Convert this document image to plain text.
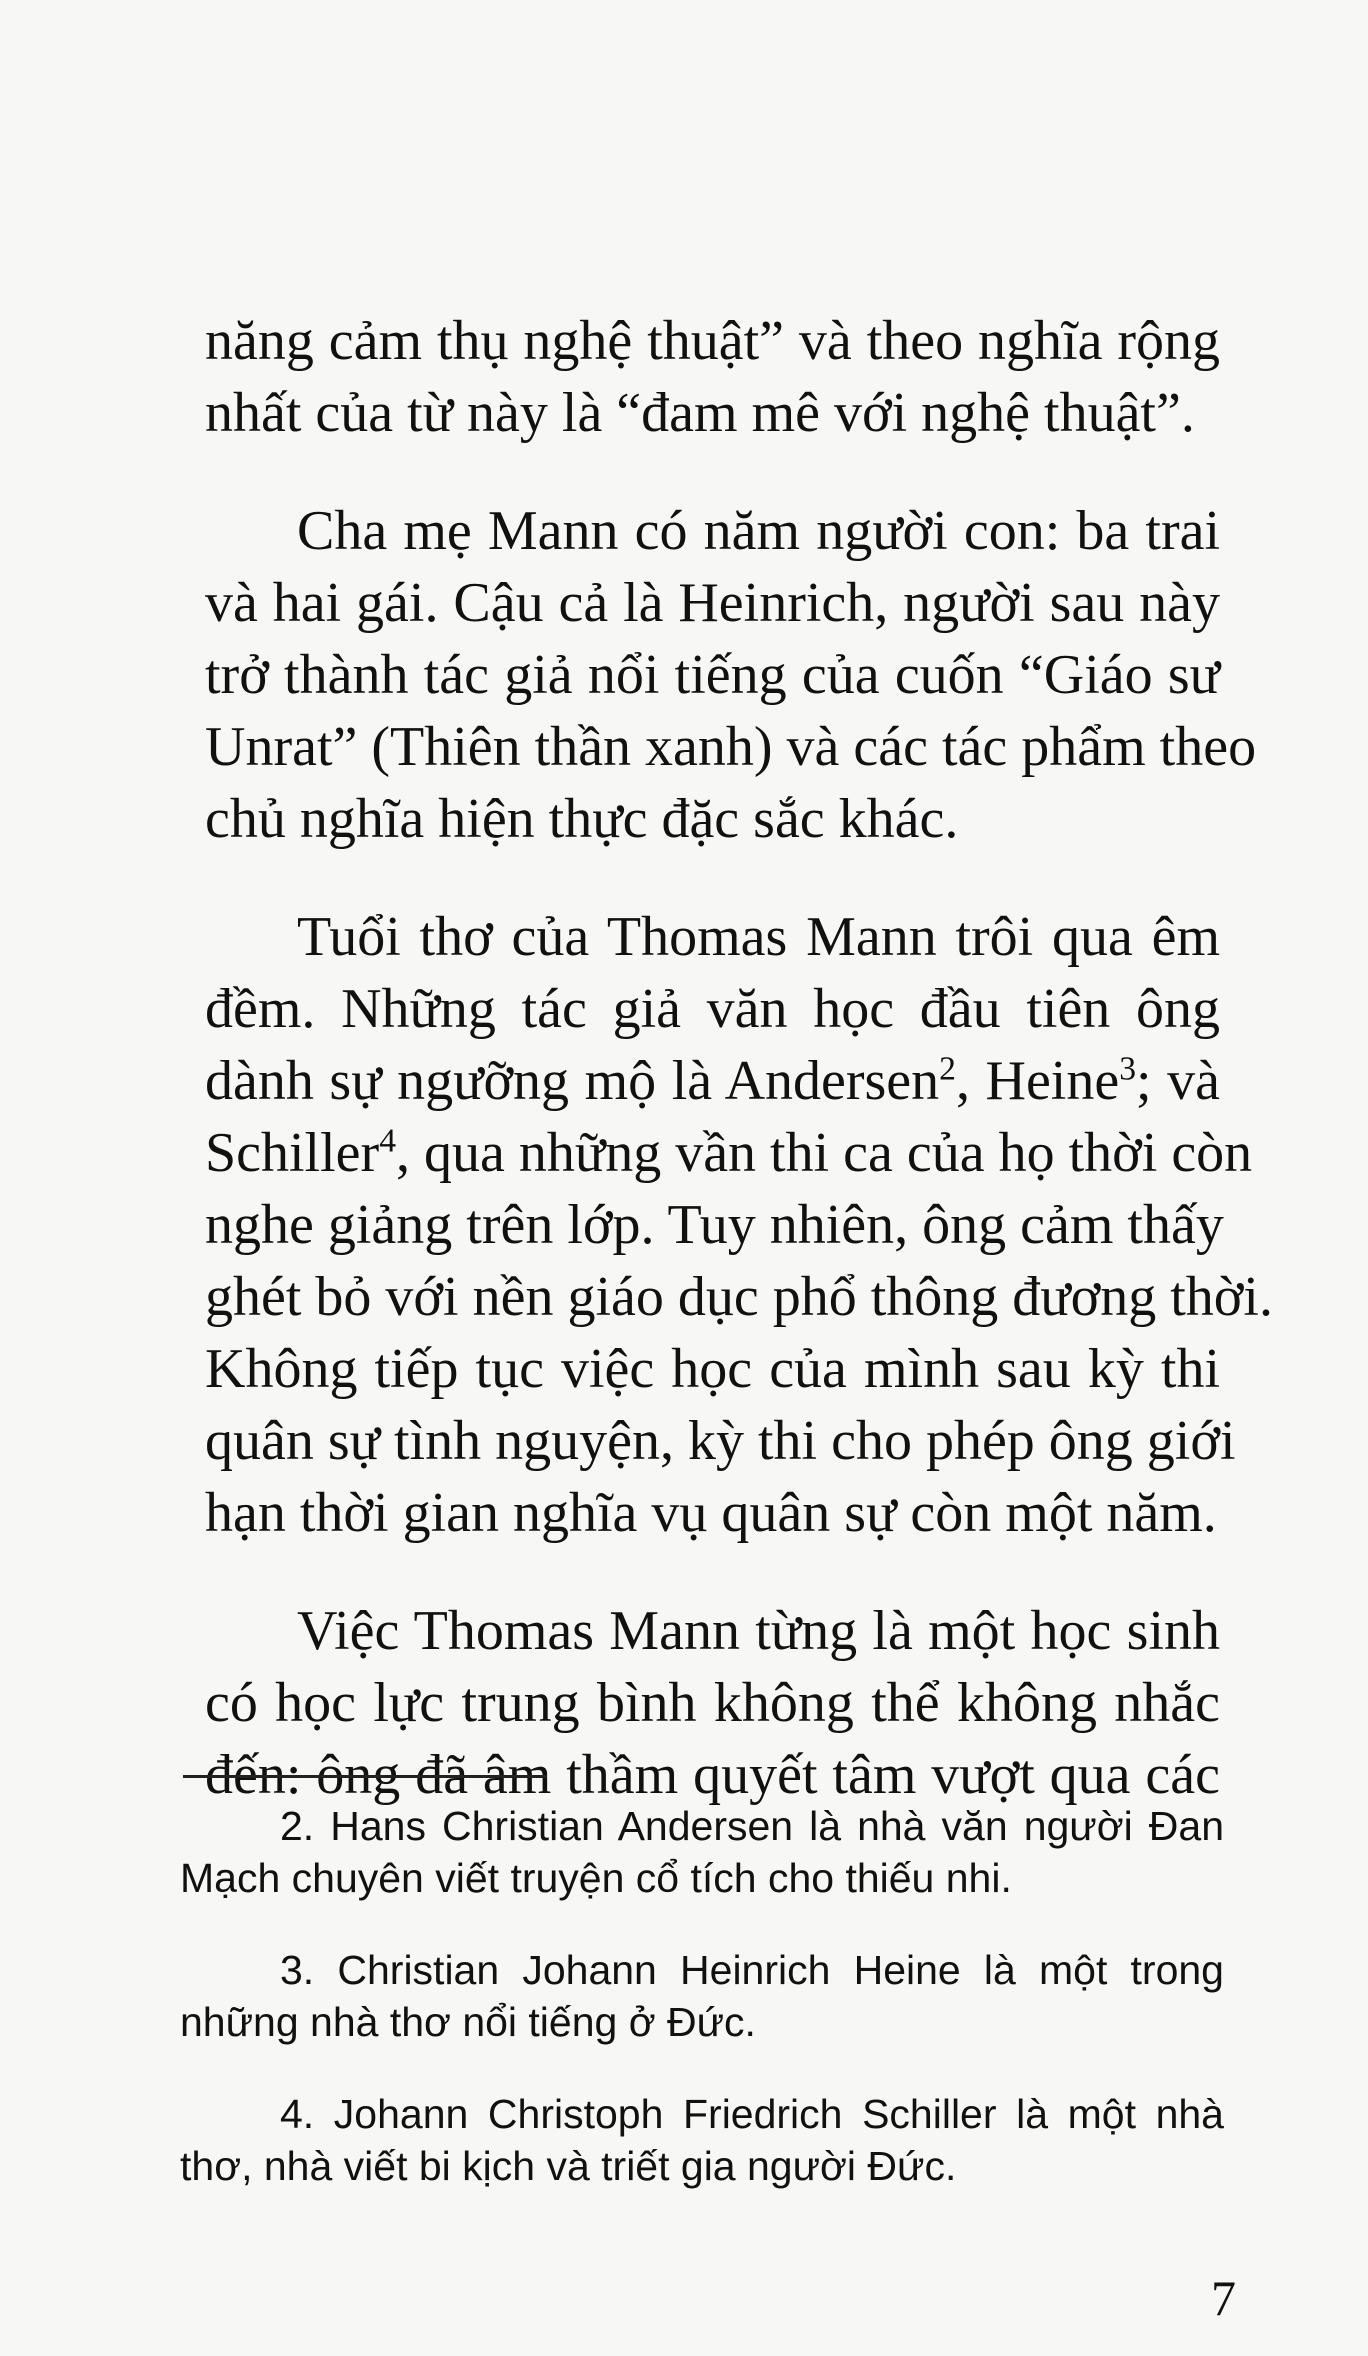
năng cảm thụ nghệ thuật” và theo nghĩa rộng
nhất của từ này là “đam mê với nghệ thuật”.
Cha mẹ Mann có năm người con: ba trai
và hai gái. Cậu cả là Heinrich, người sau này
trở thành tác giả nổi tiếng của cuốn “Giáo sư
Unrat” (Thiên thần xanh) và các tác phẩm theo
chủ nghĩa hiện thực đặc sắc khác.
Tuổi thơ của Thomas Mann trôi qua êm
đềm. Những tác giả văn học đầu tiên ông
dành sự ngưỡng mộ là Andersen$^2$, Heine$^3$; và
Schiller$^4$, qua những vần thi ca của họ thời còn
nghe giảng trên lớp. Tuy nhiên, ông cảm thấy
ghét bỏ với nền giáo dục phổ thông đương thời.
Không tiếp tục việc học của mình sau kỳ thi
quân sự tình nguyện, kỳ thi cho phép ông giới
hạn thời gian nghĩa vụ quân sự còn một năm.
Việc Thomas Mann từng là một học sinh
có học lực trung bình không thể không nhắc
đến: ông đã âm thầm quyết tâm vượt qua các
2. Hans Christian Andersen là nhà văn người Đan
Mạch chuyên viết truyện cổ tích cho thiếu nhi.
3. Christian Johann Heinrich Heine là một trong
những nhà thơ nổi tiếng ở Đức.
4. Johann Christoph Friedrich Schiller là một nhà
thơ, nhà viết bi kịch và triết gia người Đức.
7
